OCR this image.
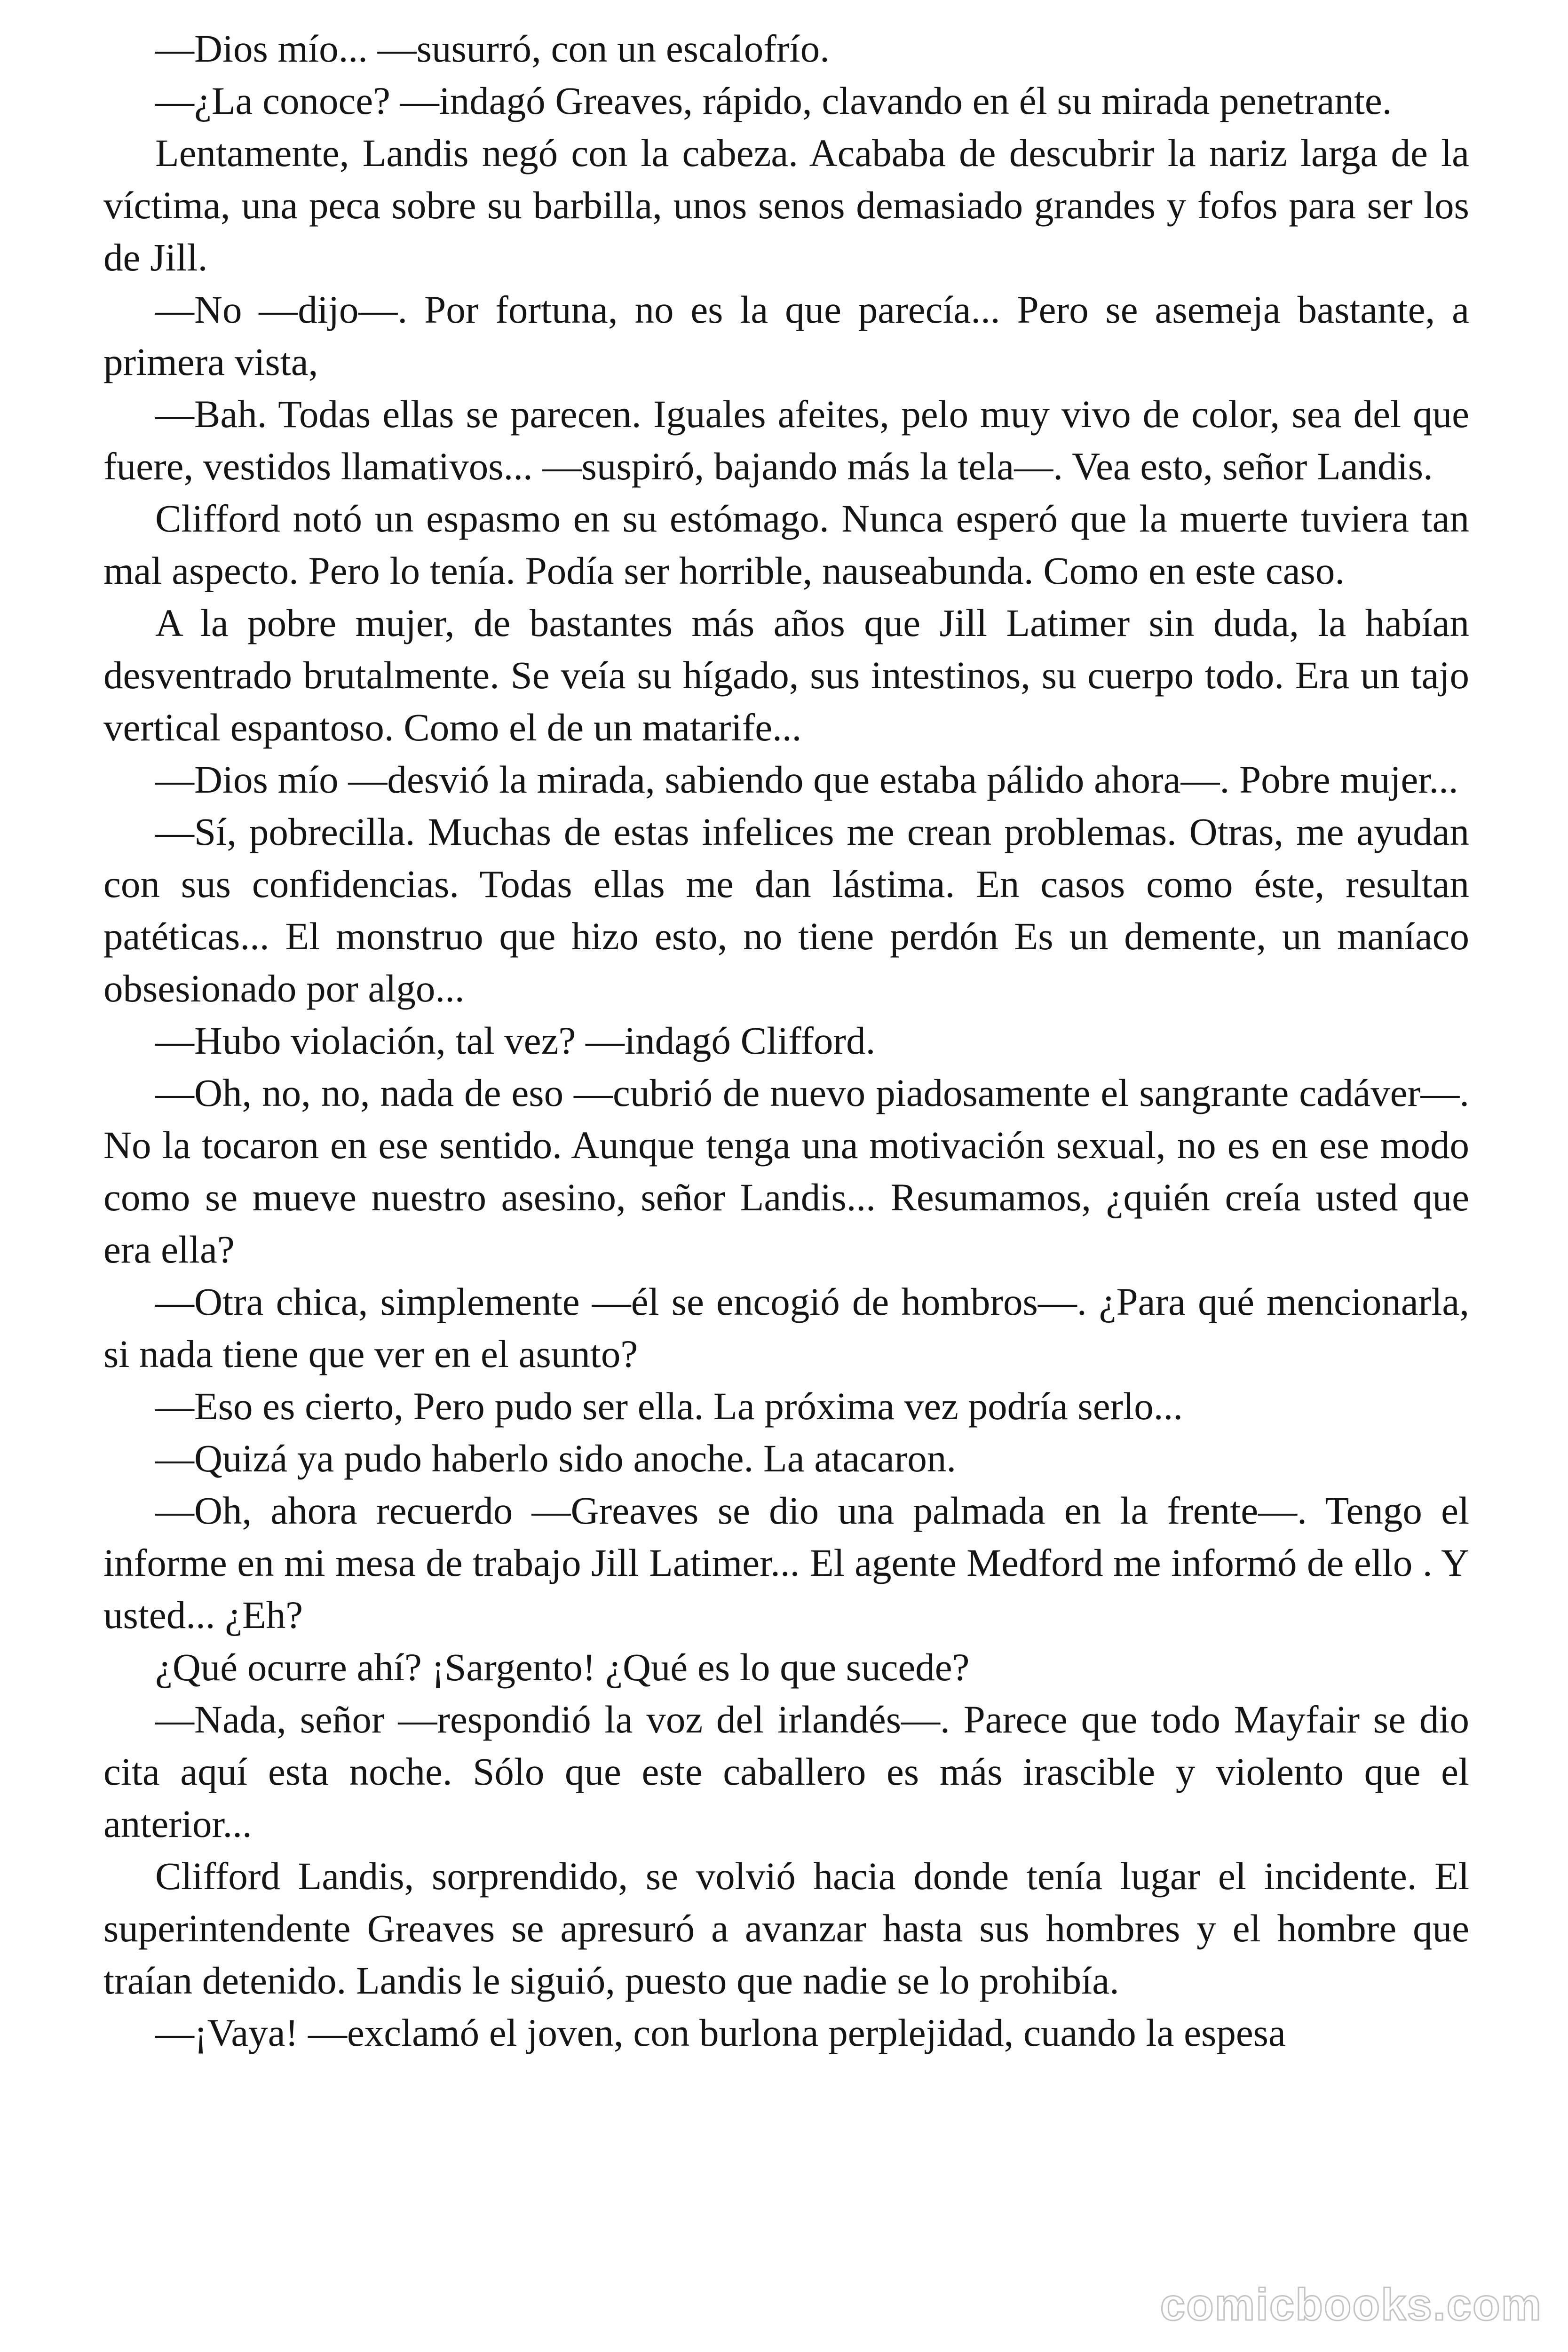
—Dios mío... —susurró, con un escalofrío.

—¿La conoce? —indagó Greaves, rápido, clavando en él su mirada penetrante.

Lentamente, Landis negó con la cabeza. Acababa de descubrir la nariz larga de la víctima, una peca sobre su barbilla, unos senos demasiado grandes y fofos para ser los de Jill.

—No —dijo—. Por fortuna, no es la que parecía... Pero se asemeja bastante, a primera vista,

—Bah. Todas ellas se parecen. Iguales afeites, pelo muy vivo de color, sea del que fuere, vestidos llamativos... —suspiró, bajando más la tela—. Vea esto, señor Landis.

Clifford notó un espasmo en su estómago. Nunca esperó que la muerte tuviera tan mal aspecto. Pero lo tenía. Podía ser horrible, nauseabunda. Como en este caso.

A la pobre mujer, de bastantes más años que Jill Latimer sin duda, la habían desventrado brutalmente. Se veía su hígado, sus intestinos, su cuerpo todo. Era un tajo vertical espantoso. Como el de un matarife...

—Dios mío —desvió la mirada, sabiendo que estaba pálido ahora—. Pobre mujer...

—Sí, pobrecilla. Muchas de estas infelices me crean problemas. Otras, me ayudan con sus confidencias. Todas ellas me dan lástima. En casos como éste, resultan patéticas... El monstruo que hizo esto, no tiene perdón Es un demente, un maníaco obsesionado por algo...

—Hubo violación, tal vez? —indagó Clifford.

—Oh, no, no, nada de eso —cubrió de nuevo piadosamente el sangrante cadáver—. No la tocaron en ese sentido. Aunque tenga una motivación sexual, no es en ese modo como se mueve nuestro asesino, señor Landis... Resumamos, ¿quién creía usted que era ella?

—Otra chica, simplemente —él se encogió de hombros—. ¿Para qué mencionarla, si nada tiene que ver en el asunto?

—Eso es cierto, Pero pudo ser ella. La próxima vez podría serlo...

—Quizá ya pudo haberlo sido anoche. La atacaron.

—Oh, ahora recuerdo —Greaves se dio una palmada en la frente—. Tengo el informe en mi mesa de trabajo Jill Latimer... El agente Medford me informó de ello . Y usted... ¿Eh?

¿Qué ocurre ahí? ¡Sargento! ¿Qué es lo que sucede?

—Nada, señor —respondió la voz del irlandés—. Parece que todo Mayfair se dio cita aquí esta noche. Sólo que este caballero es más irascible y violento que el anterior...

Clifford Landis, sorprendido, se volvió hacia donde tenía lugar el incidente. El superintendente Greaves se apresuró a avanzar hasta sus hombres y el hombre que traían detenido. Landis le siguió, puesto que nadie se lo prohibía.

—¡Vaya! —exclamó el joven, con burlona perplejidad, cuando la espesa

comicbooks.com
